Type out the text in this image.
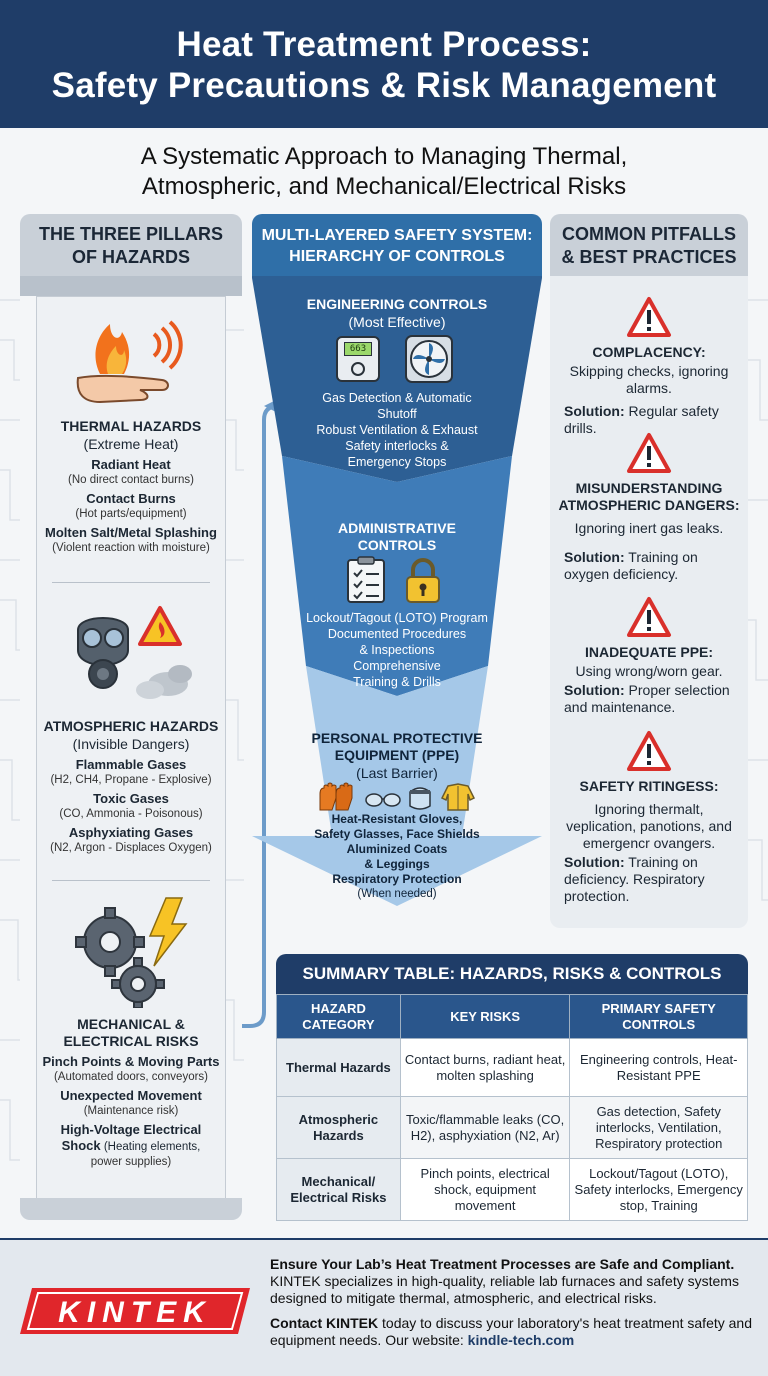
Heat Treatment Process:
Safety Precautions & Risk Management
A Systematic Approach to Managing Thermal,
Atmospheric, and Mechanical/Electrical Risks
THE THREE PILLARS
OF HAZARDS
THERMAL HAZARDS
(Extreme Heat)
Radiant Heat
(No direct contact burns)
Contact Burns
(Hot parts/equipment)
Molten Salt/Metal Splashing
(Violent reaction with moisture)
ATMOSPHERIC HAZARDS
(Invisible Dangers)
Flammable Gases
(H2, CH4, Propane - Explosive)
Toxic Gases
(CO, Ammonia - Poisonous)
Asphyxiating Gases
(N2, Argon - Displaces Oxygen)
MECHANICAL &
ELECTRICAL RISKS
Pinch Points & Moving Parts
(Automated doors, conveyors)
Unexpected Movement
(Maintenance risk)
High-Voltage Electrical
Shock (Heating elements,
power supplies)
MULTI-LAYERED SAFETY SYSTEM:
HIERARCHY OF CONTROLS
ENGINEERING CONTROLS
(Most Effective)
663
Gas Detection & Automatic
Shutoff
Robust Ventilation & Exhaust
Safety interlocks &
Emergency Stops
ADMINISTRATIVE
CONTROLS
Lockout/Tagout (LOTO) Program
Documented Procedures
& Inspections
Comprehensive
Training & Drills
PERSONAL PROTECTIVE
EQUIPMENT (PPE)
(Last Barrier)
Heat-Resistant Gloves,
Safety Glasses, Face Shields
Aluminized Coats
& Leggings
Respiratory Protection
(When needed)
COMMON PITFALLS
& BEST PRACTICES
COMPLACENCY:
Skipping checks, ignoring alarms.
Solution: Regular safety drills.
MISUNDERSTANDING
ATMOSPHERIC DANGERS:
Ignoring inert gas leaks.
Solution: Training on oxygen deficiency.
INADEQUATE PPE:
Using wrong/worn gear.
Solution: Proper selection and maintenance.
SAFETY RITINGESS:
Ignoring thermalt, veplication, panotions, and emergencr ovangers.
Solution: Training on deficiency. Respiratory protection.
SUMMARY TABLE: HAZARDS, RISKS & CONTROLS
HAZARD CATEGORY	KEY RISKS	PRIMARY SAFETY CONTROLS
Thermal Hazards	Contact burns, radiant heat, molten splashing	Engineering controls, Heat-Resistant PPE
Atmospheric Hazards	Toxic/flammable leaks (CO, H2), asphyxiation (N2, Ar)	Gas detection, Safety interlocks, Ventilation, Respiratory protection
Mechanical/ Electrical Risks	Pinch points, electrical shock, equipment movement	Lockout/Tagout (LOTO), Safety interlocks, Emergency stop, Training
KINTEK

Ensure Your Lab’s Heat Treatment Processes are Safe and Compliant.
KINTEK specializes in high-quality, reliable lab furnaces and safety systems designed to mitigate thermal, atmospheric, and electrical risks.

Contact KINTEK today to discuss your laboratory's heat treatment safety and equipment needs. Our website: kindle-tech.com
